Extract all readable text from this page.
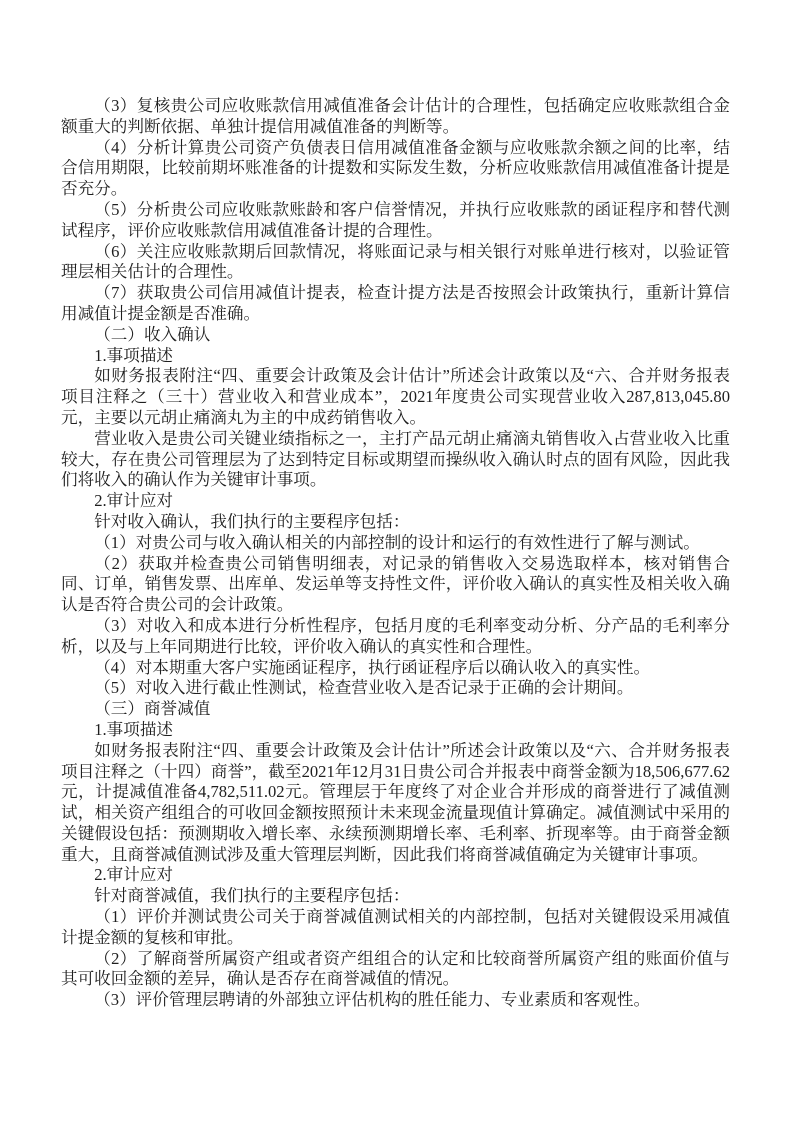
（3）复核贵公司应收账款信用减值准备会计估计的合理性，包括确定应收账款组合金额重大的判断依据、单独计提信用减值准备的判断等。

（4）分析计算贵公司资产负债表日信用减值准备金额与应收账款余额之间的比率，结合信用期限，比较前期坏账准备的计提数和实际发生数，分析应收账款信用减值准备计提是否充分。

（5）分析贵公司应收账款账龄和客户信誉情况，并执行应收账款的函证程序和替代测试程序，评价应收账款信用减值准备计提的合理性。

（6）关注应收账款期后回款情况，将账面记录与相关银行对账单进行核对，以验证管理层相关估计的合理性。

（7）获取贵公司信用减值计提表，检查计提方法是否按照会计政策执行，重新计算信用减值计提金额是否准确。

（二）收入确认

1.事项描述

如财务报表附注“四、重要会计政策及会计估计”所述会计政策以及“六、合并财务报表项目注释之（三十）营业收入和营业成本”，2021年度贵公司实现营业收入287,813,045.80元，主要以元胡止痛滴丸为主的中成药销售收入。

营业收入是贵公司关键业绩指标之一，主打产品元胡止痛滴丸销售收入占营业收入比重较大，存在贵公司管理层为了达到特定目标或期望而操纵收入确认时点的固有风险，因此我们将收入的确认作为关键审计事项。

2.审计应对

针对收入确认，我们执行的主要程序包括：

（1）对贵公司与收入确认相关的内部控制的设计和运行的有效性进行了解与测试。

（2）获取并检查贵公司销售明细表，对记录的销售收入交易选取样本，核对销售合同、订单，销售发票、出库单、发运单等支持性文件，评价收入确认的真实性及相关收入确认是否符合贵公司的会计政策。

（3）对收入和成本进行分析性程序，包括月度的毛利率变动分析、分产品的毛利率分析，以及与上年同期进行比较，评价收入确认的真实性和合理性。

（4）对本期重大客户实施函证程序，执行函证程序后以确认收入的真实性。

（5）对收入进行截止性测试，检查营业收入是否记录于正确的会计期间。

（三）商誉减值

1.事项描述

如财务报表附注“四、重要会计政策及会计估计”所述会计政策以及“六、合并财务报表项目注释之（十四）商誉”，截至2021年12月31日贵公司合并报表中商誉金额为18,506,677.62元，计提减值准备4,782,511.02元。管理层于年度终了对企业合并形成的商誉进行了减值测试，相关资产组组合的可收回金额按照预计未来现金流量现值计算确定。减值测试中采用的关键假设包括：预测期收入增长率、永续预测期增长率、毛利率、折现率等。由于商誉金额重大，且商誉减值测试涉及重大管理层判断，因此我们将商誉减值确定为关键审计事项。

2.审计应对

针对商誉减值，我们执行的主要程序包括：

（1）评价并测试贵公司关于商誉减值测试相关的内部控制，包括对关键假设采用减值计提金额的复核和审批。

（2）了解商誉所属资产组或者资产组组合的认定和比较商誉所属资产组的账面价值与其可收回金额的差异，确认是否存在商誉减值的情况。

（3）评价管理层聘请的外部独立评估机构的胜任能力、专业素质和客观性。
